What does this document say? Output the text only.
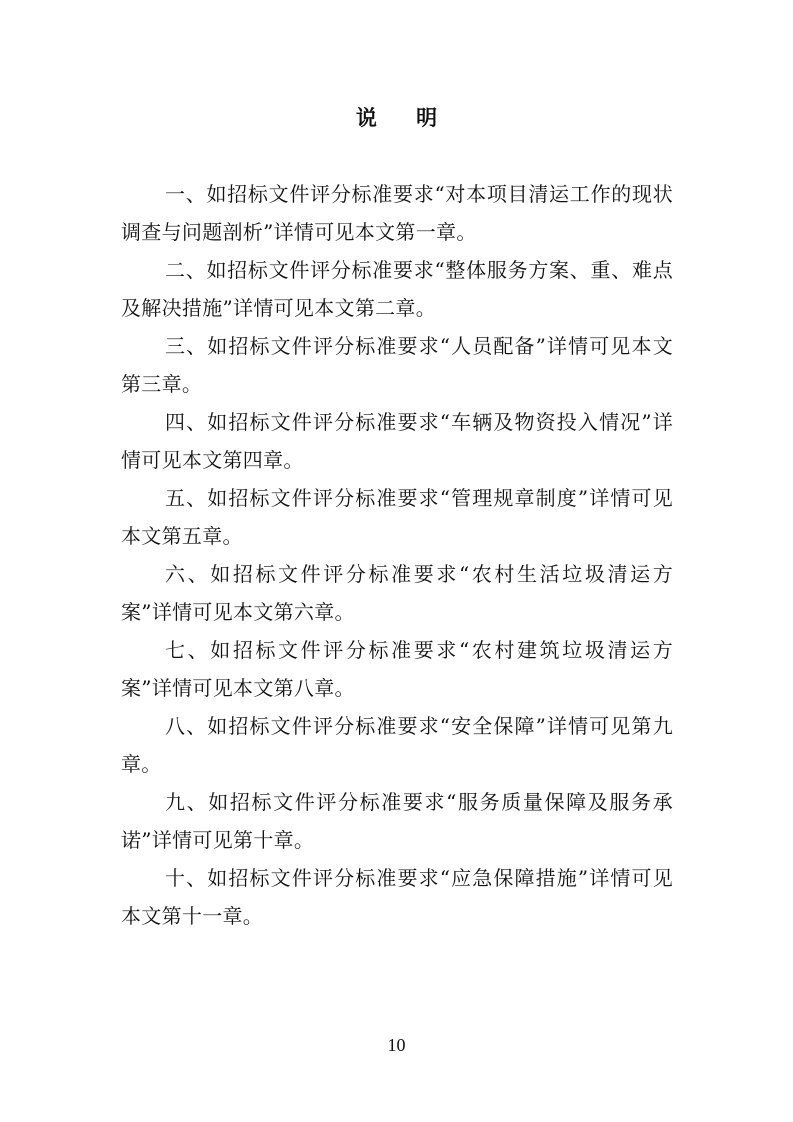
说 明

一、如招标文件评分标准要求“对本项目清运工作的现状调查与问题剖析”详情可见本文第一章。

二、如招标文件评分标准要求“整体服务方案、重、难点及解决措施”详情可见本文第二章。

三、如招标文件评分标准要求“人员配备”详情可见本文第三章。

四、如招标文件评分标准要求“车辆及物资投入情况”详情可见本文第四章。

五、如招标文件评分标准要求“管理规章制度”详情可见本文第五章。

六、如招标文件评分标准要求“农村生活垃圾清运方案”详情可见本文第六章。

七、如招标文件评分标准要求“农村建筑垃圾清运方案”详情可见本文第八章。

八、如招标文件评分标准要求“安全保障”详情可见第九章。

九、如招标文件评分标准要求“服务质量保障及服务承诺”详情可见第十章。

十、如招标文件评分标准要求“应急保障措施”详情可见本文第十一章。

10
